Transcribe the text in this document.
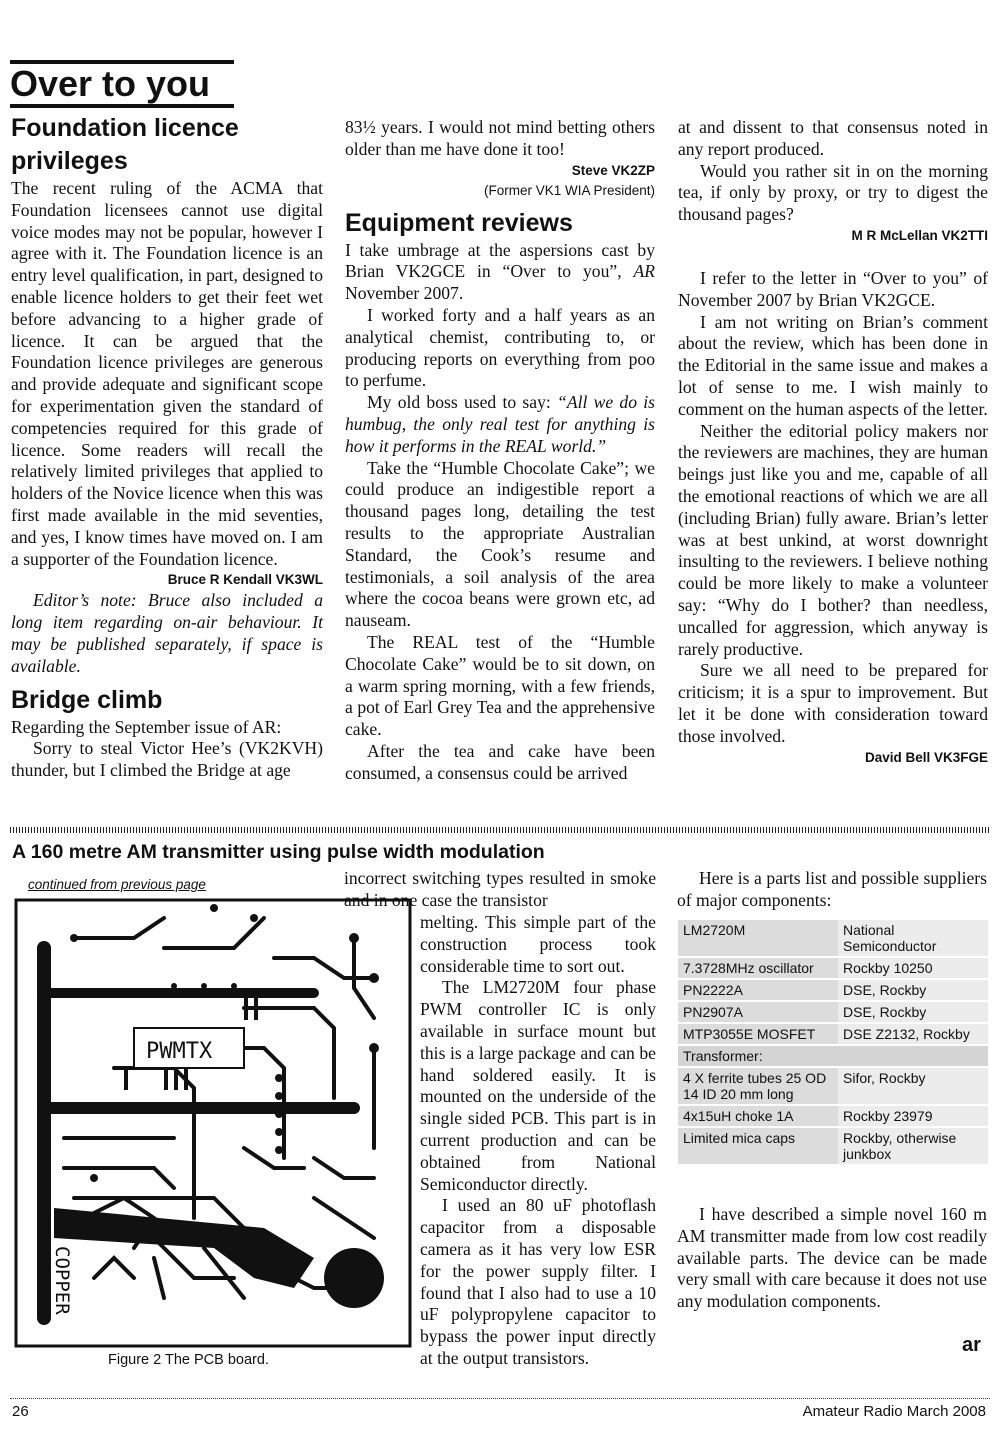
Over to you
Foundation licence privileges

The recent ruling of the ACMA that Foundation licensees cannot use digital voice modes may not be popular, however I agree with it. The Foundation licence is an entry level qualification, in part, designed to enable licence holders to get their feet wet before advancing to a higher grade of licence. It can be argued that the Foundation licence privileges are generous and provide adequate and significant scope for experimentation given the standard of competencies required for this grade of licence. Some readers will recall the relatively limited privileges that applied to holders of the Novice licence when this was first made available in the mid seventies, and yes, I know times have moved on. I am a supporter of the Foundation licence.

Bruce R Kendall VK3WL

Editor’s note: Bruce also included a long item regarding on-air behaviour. It may be published separately, if space is available.

Bridge climb

Regarding the September issue of AR:

Sorry to steal Victor Hee’s (VK2KVH) thunder, but I climbed the Bridge at age

83½ years. I would not mind betting others older than me have done it too!

Steve VK2ZP
(Former VK1 WIA President)
Equipment reviews

I take umbrage at the aspersions cast by Brian VK2GCE in “Over to you”, AR November 2007.

I worked forty and a half years as an analytical chemist, contributing to, or producing reports on everything from poo to perfume.

My old boss used to say: “All we do is humbug, the only real test for anything is how it performs in the REAL world.”

Take the “Humble Chocolate Cake”; we could produce an indigestible report a thousand pages long, detailing the test results to the appropriate Australian Standard, the Cook’s resume and testimonials, a soil analysis of the area where the cocoa beans were grown etc, ad nauseam.

The REAL test of the “Humble Chocolate Cake” would be to sit down, on a warm spring morning, with a few friends, a pot of Earl Grey Tea and the apprehensive cake.

After the tea and cake have been consumed, a consensus could be arrived

at and dissent to that consensus noted in any report produced.

Would you rather sit in on the morning tea, if only by proxy, or try to digest the thousand pages?

M R McLellan VK2TTI

I refer to the letter in “Over to you” of November 2007 by Brian VK2GCE.

I am not writing on Brian’s comment about the review, which has been done in the Editorial in the same issue and makes a lot of sense to me. I wish mainly to comment on the human aspects of the letter.

Neither the editorial policy makers nor the reviewers are machines, they are human beings just like you and me, capable of all the emotional reactions of which we are all (including Brian) fully aware. Brian’s letter was at best unkind, at worst downright insulting to the reviewers. I believe nothing could be more likely to make a volunteer say: “Why do I bother? than needless, uncalled for aggression, which anyway is rarely productive.

Sure we all need to be prepared for criticism; it is a spur to improvement. But let it be done with consideration toward those involved.

David Bell VK3FGE
A 160 metre AM transmitter using pulse width modulation
continued from previous page
PWMTX
COPPER
Figure 2 The PCB board.

incorrect switching types resulted in smoke and in one case the transistor

melting. This simple part of the construction process took considerable time to sort out.

The LM2720M four phase PWM controller IC is only available in surface mount but this is a large package and can be hand soldered easily. It is mounted on the underside of the single sided PCB. This part is in current production and can be obtained from National Semiconductor directly.

I used an 80 uF photoflash capacitor from a disposable camera as it has very low ESR for the power supply filter. I found that I also had to use a 10 uF polypropylene capacitor to bypass the power input directly at the output transistors.

Here is a parts list and possible suppliers of major components:

LM2720M	National Semiconductor
7.3728MHz oscillator	Rockby 10250
PN2222A	DSE, Rockby
PN2907A	DSE, Rockby
MTP3055E MOSFET	DSE Z2132, Rockby
Transformer:	
4 X ferrite tubes 25 OD 14 ID 20 mm long	Sifor, Rockby
4x15uH choke 1A	Rockby 23979
Limited mica caps	Rockby, otherwise junkbox

I have described a simple novel 160 m AM transmitter made from low cost readily available parts. The device can be made very small with care because it does not use any modulation components.

ar
26	Amateur Radio March 2008
